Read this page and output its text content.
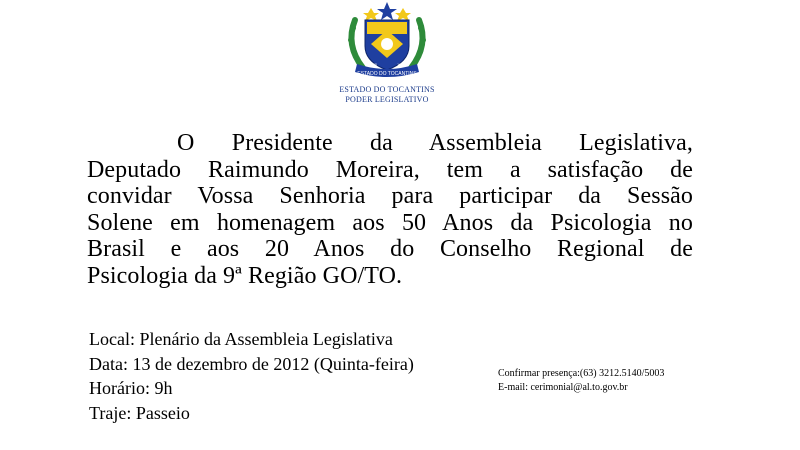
ESTADO DO TOCANTINS
1988	1989
ESTADO DO TOCANTINS
PODER LEGISLATIVO
O Presidente da Assembleia Legislativa,
Deputado Raimundo Moreira, tem a satisfação de
convidar Vossa Senhoria para participar da Sessão
Solene em homenagem aos 50 Anos da Psicologia no
Brasil e aos 20 Anos do Conselho Regional de
Psicologia da 9ª Região GO/TO.
Local: Plenário da Assembleia Legislativa
Data: 13 de dezembro de 2012 (Quinta-feira)
Horário: 9h
Traje: Passeio
Confirmar presença:(63) 3212.5140/5003
E-mail: cerimonial@al.to.gov.br
